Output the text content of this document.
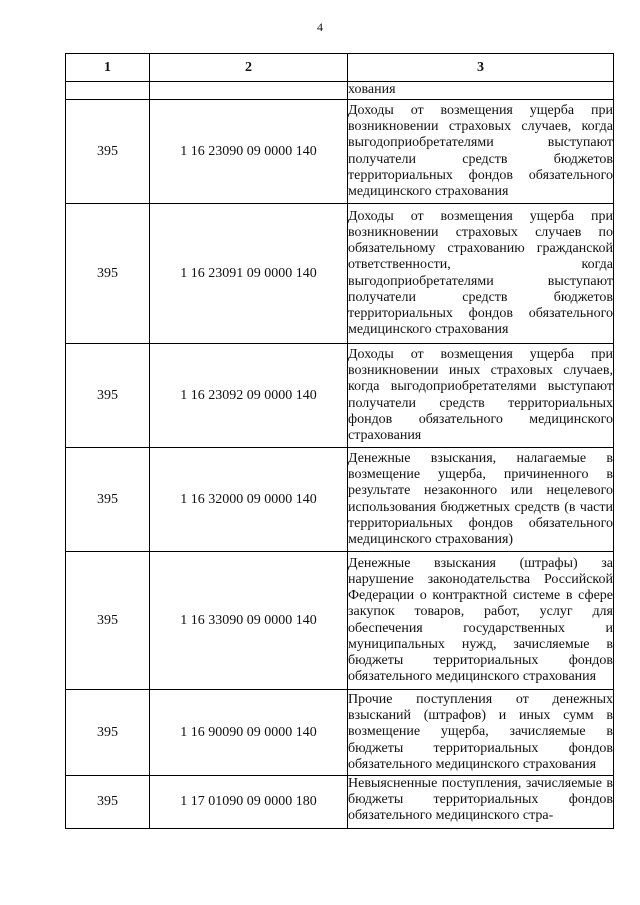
4
1	2	3
		хования
395	1 16 23090 09 0000 140	Доходы от возмещения ущерба при возникновении страховых случаев, когда выгодоприобретателями выступают получатели средств бюджетов территориальных фондов обязательного медицинского страхования
395	1 16 23091 09 0000 140	Доходы от возмещения ущерба при возникновении страховых случаев по обязательному страхованию гражданской ответственности, когда выгодоприобретателями выступают получатели средств бюджетов территориальных фондов обязательного медицинского страхования
395	1 16 23092 09 0000 140	Доходы от возмещения ущерба при возникновении иных страховых случаев, когда выгодоприобретателями выступают получатели средств территориальных фондов обязательного медицинского страхования
395	1 16 32000 09 0000 140	Денежные взыскания, налагаемые в возмещение ущерба, причиненного в результате незаконного или нецелевого использования бюджетных средств (в части территориальных фондов обязательного медицинского страхования)
395	1 16 33090 09 0000 140	Денежные взыскания (штрафы) за нарушение законодательства Российской Федерации о контрактной системе в сфере закупок товаров, работ, услуг для обеспечения государственных и муниципальных нужд, зачисляемые в бюджеты территориальных фондов обязательного медицинского страхования
395	1 16 90090 09 0000 140	Прочие поступления от денежных взысканий (штрафов) и иных сумм в возмещение ущерба, зачисляемые в бюджеты территориальных фондов обязательного медицинского страхования
395	1 17 01090 09 0000 180	Невыясненные поступления, зачисляемые в бюджеты территориальных фондов обязательного медицинского стра-
